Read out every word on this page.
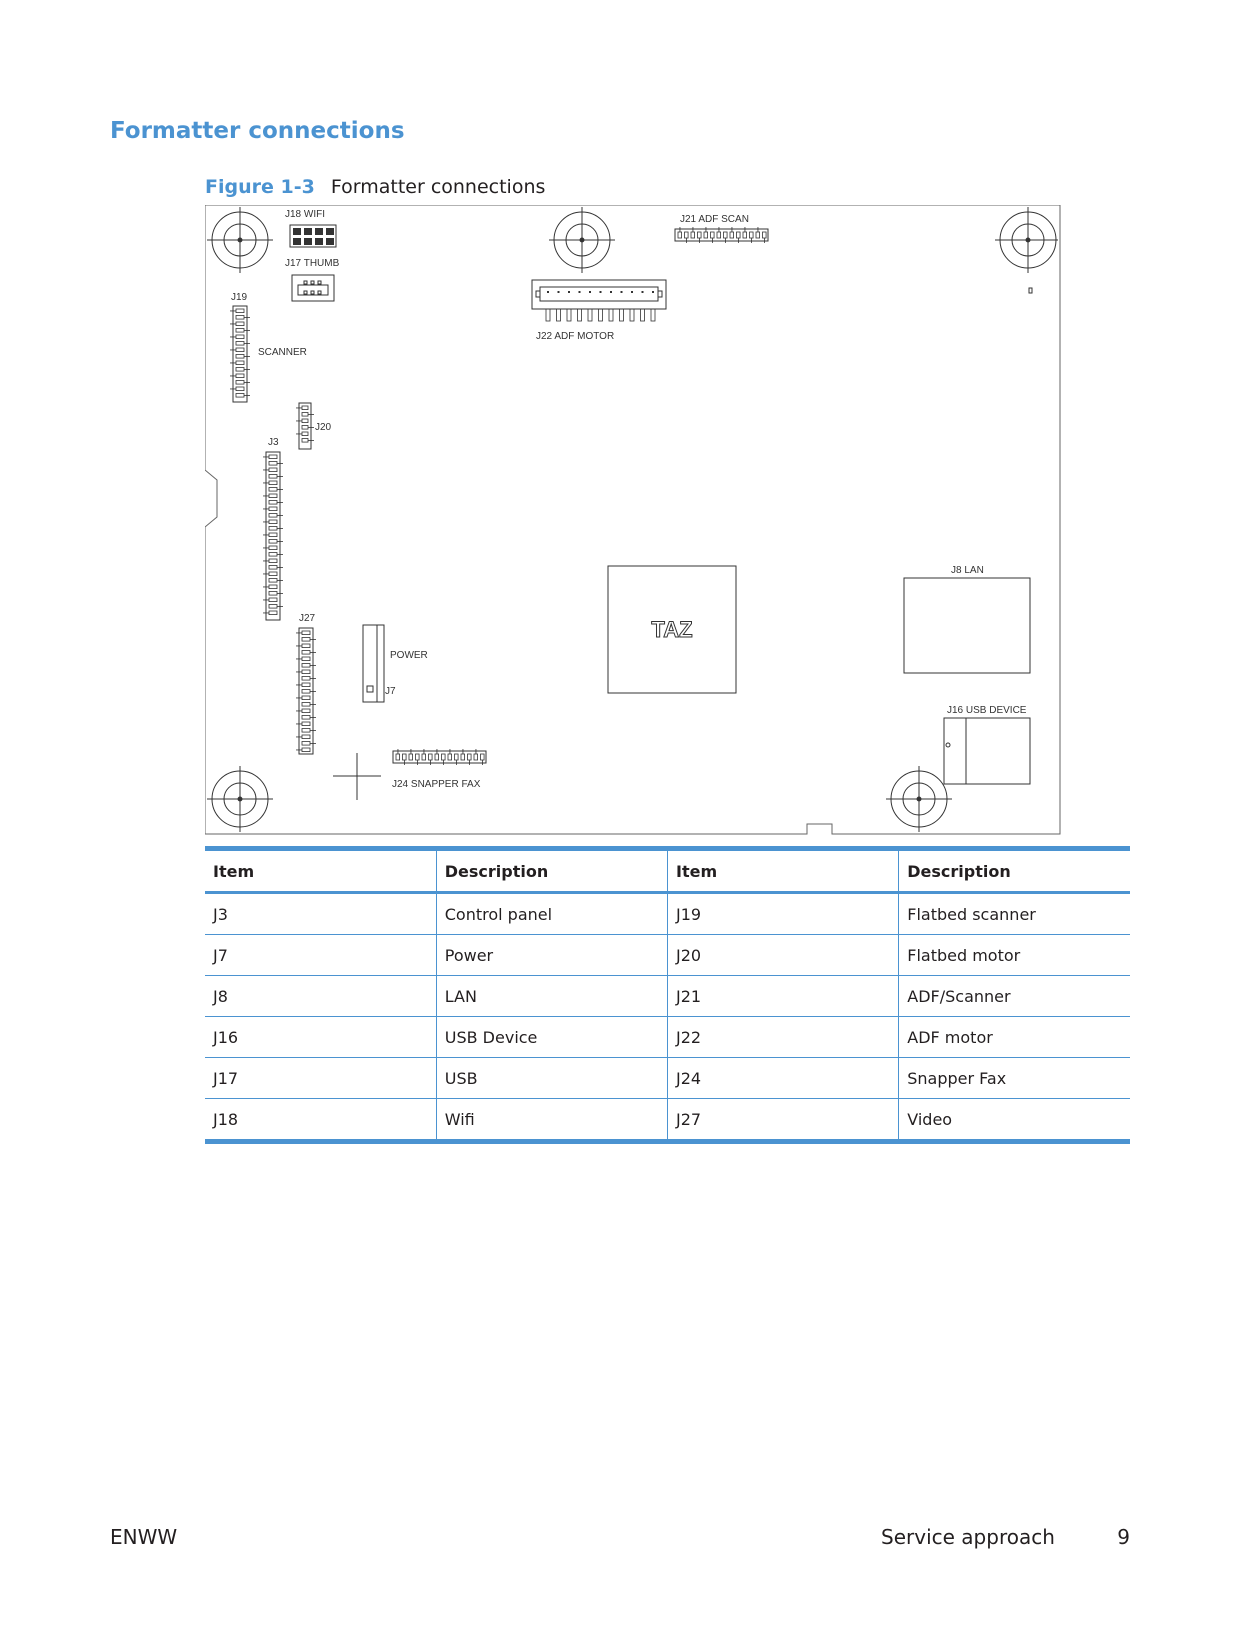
Formatter connections

Figure 1-3 Formatter connections

J18 WIFI
J17 THUMB
J19
SCANNER
J20
J3
J22 ADF MOTOR
J21 ADF SCAN
J27
POWER
J7
J24 SNAPPER FAX
TAZ
J8 LAN
J16 USB DEVICE
Item	Description	Item	Description
J3	Control panel	J19	Flatbed scanner
J7	Power	J20	Flatbed motor
J8	LAN	J21	ADF/Scanner
J16	USB Device	J22	ADF motor
J17	USB	J24	Snapper Fax
J18	Wifi	J27	Video
ENWW	Service approach	9
